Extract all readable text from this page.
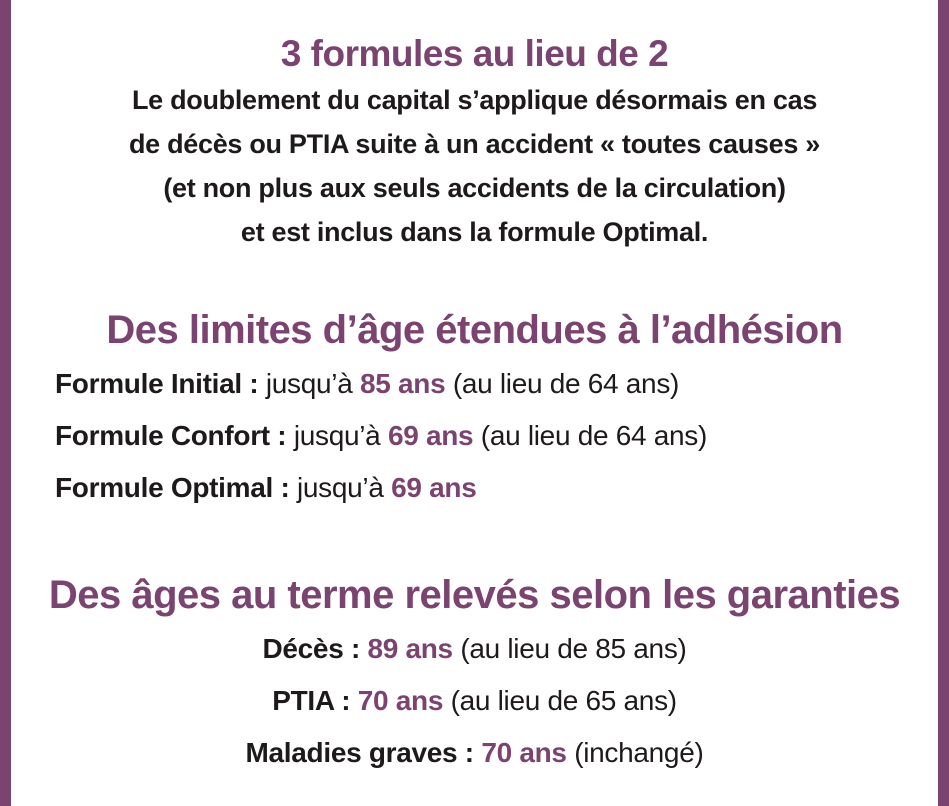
3 formules au lieu de 2
Le doublement du capital s’applique désormais en cas
de décès ou PTIA suite à un accident « toutes causes »
(et non plus aux seuls accidents de la circulation)
et est inclus dans la formule Optimal.
Des limites d’âge étendues à l’adhésion
Formule Initial : jusqu’à 85 ans (au lieu de 64 ans)
Formule Confort : jusqu’à 69 ans (au lieu de 64 ans)
Formule Optimal : jusqu’à 69 ans
Des âges au terme relevés selon les garanties
Décès : 89 ans (au lieu de 85 ans)
PTIA : 70 ans (au lieu de 65 ans)
Maladies graves : 70 ans (inchangé)
